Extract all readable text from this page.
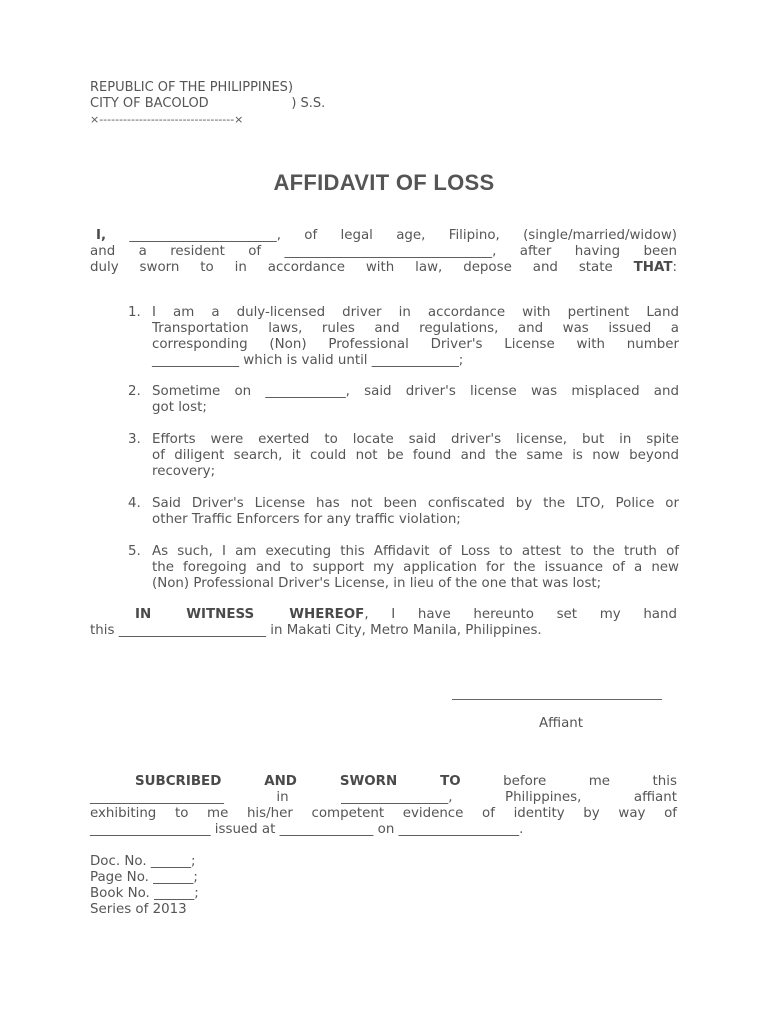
REPUBLIC OF THE PHILIPPINES)
CITY OF BACOLOD                    ) S.S.
×----------------------------------×
AFFIDAVIT OF LOSS
I, ______________________, of legal age, Filipino, (single/married/widow)
and a resident of _______________________________, after having been
duly sworn to in accordance with law, depose and state THAT:
1. I am a duly-licensed driver in accordance with pertinent Land
Transportation laws, rules and regulations, and was issued a
corresponding (Non) Professional Driver's License with number
_____________ which is valid until _____________;
2. Sometime on ____________, said driver's license was misplaced and
got lost;
3. Efforts were exerted to locate said driver's license, but in spite
of diligent search, it could not be found and the same is now beyond
recovery;
4. Said Driver's License has not been confiscated by the LTO, Police or
other Traffic Enforcers for any traffic violation;
5. As such, I am executing this Affidavit of Loss to attest to the truth of
the foregoing and to support my application for the issuance of a new
(Non) Professional Driver's License, in lieu of the one that was lost;
IN WITNESS WHEREOF, I have hereunto set my hand
this ______________________ in Makati City, Metro Manila, Philippines.
Affiant
SUBCRIBED AND SWORN TO	before me this
____________________ in ________________, Philippines, affiant
exhibiting to me his/her competent evidence of identity by way of
__________________ issued at ______________ on __________________.
Doc. No. ______;
Page No. ______;
Book No. ______;
Series of 2013
